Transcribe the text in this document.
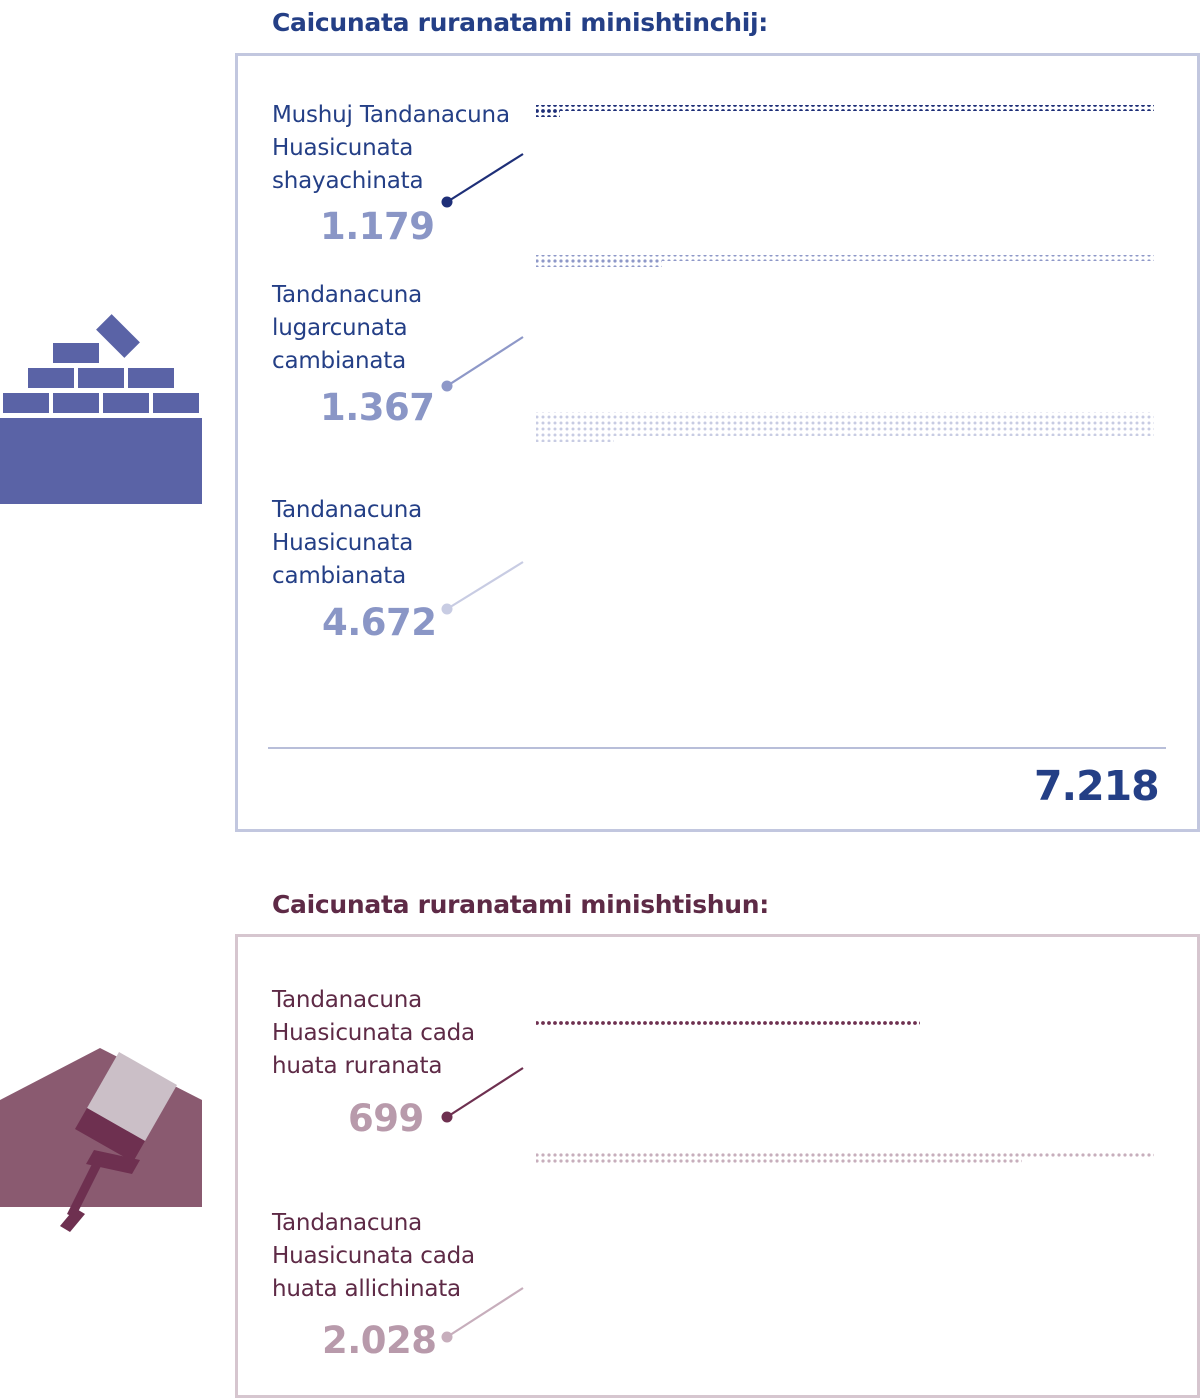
Caicunata ruranatami minishtinchij:
Caicunata ruranatami minishtishun:
Mushuj Tandanacuna
Huasicunata
shayachinata
1.179
Tandanacuna
lugarcunata
cambianata
1.367
Tandanacuna
Huasicunata
cambianata
4.672
7.218
Tandanacuna
Huasicunata cada
huata ruranata
699
Tandanacuna
Huasicunata cada
huata allichinata
2.028
